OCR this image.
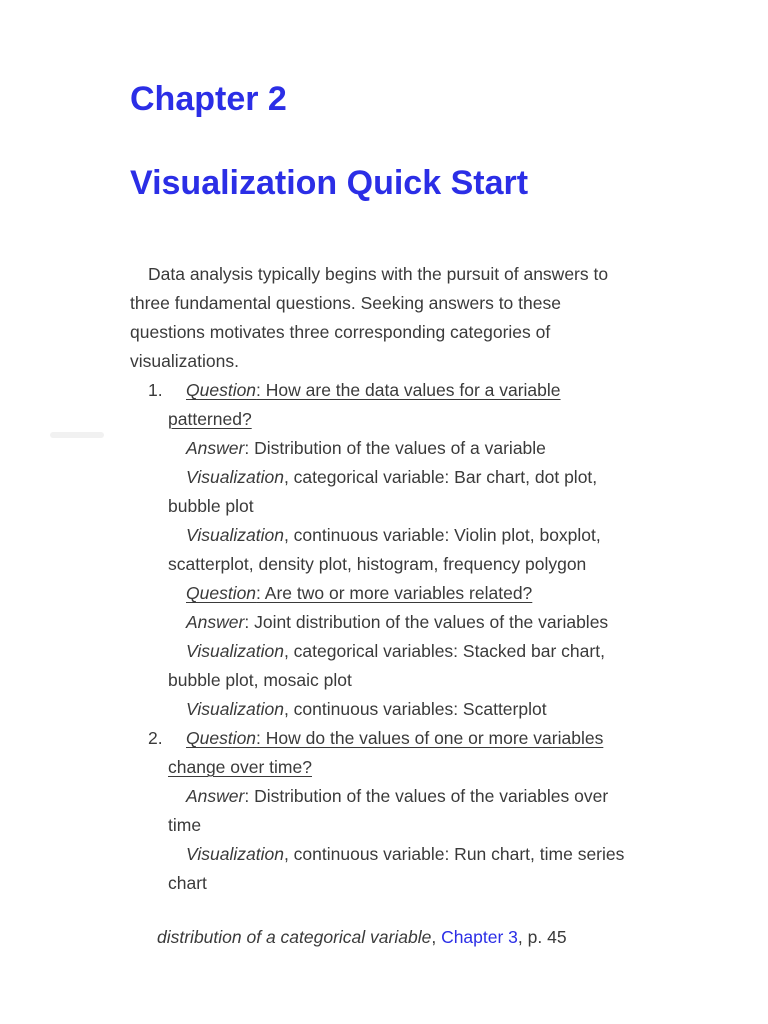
Chapter 2
Visualization Quick Start

Data analysis typically begins with the pursuit of answers to three fundamental questions. Seeking answers to these questions motivates three corresponding categories of visualizations.

1. Question: How are the data values for a variable patterned?

Answer: Distribution of the values of a variable

Visualization, categorical variable: Bar chart, dot plot, bubble plot

Visualization, continuous variable: Violin plot, boxplot, scatterplot, density plot, histogram, frequency polygon

Question: Are two or more variables related?

Answer: Joint distribution of the values of the variables

Visualization, categorical variables: Stacked bar chart, bubble plot, mosaic plot

Visualization, continuous variables: Scatterplot

2. Question: How do the values of one or more variables change over time?

Answer: Distribution of the values of the variables over time

Visualization, continuous variable: Run chart, time series chart

distribution of a categorical variable, Chapter 3, p. 45
